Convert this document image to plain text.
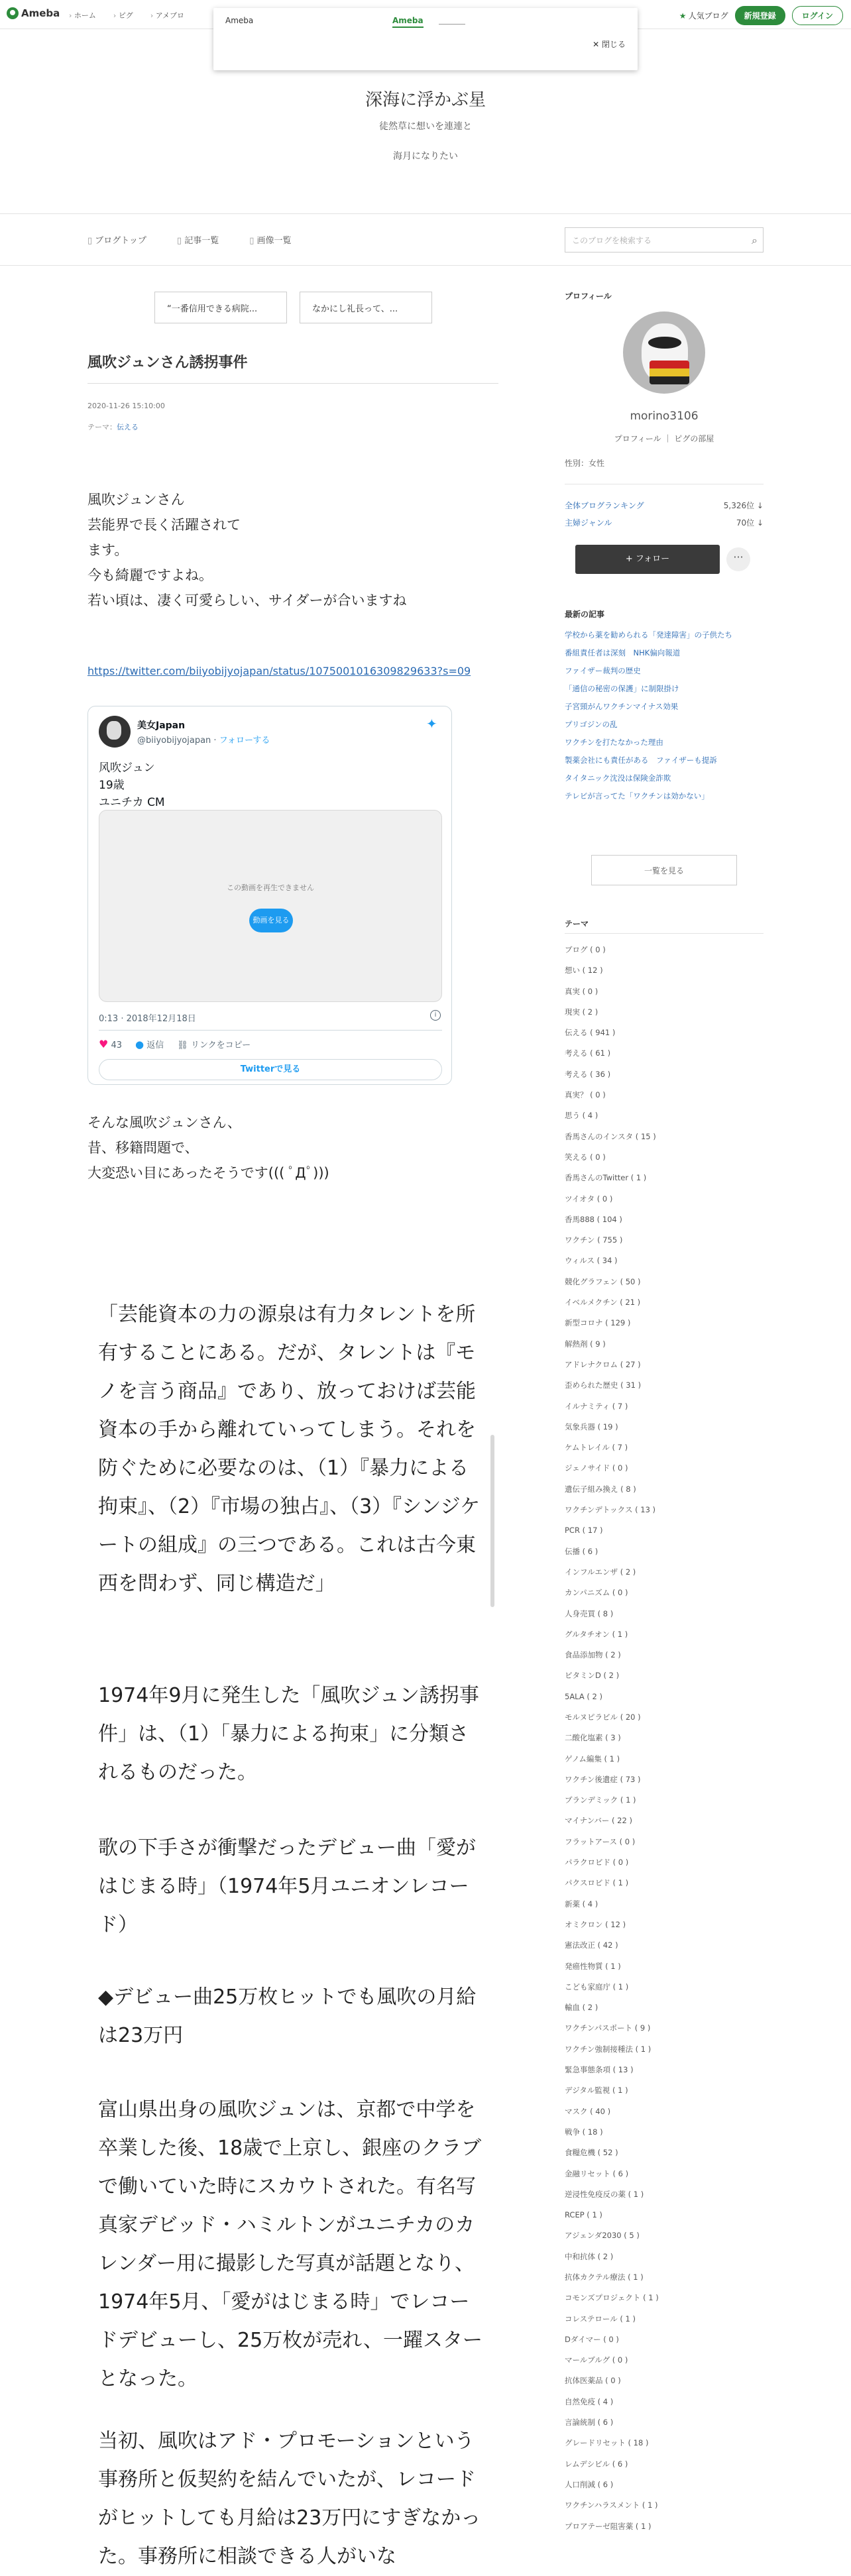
Ameba	› ホーム	› ピグ	› アメブロ	★ 人気ブログ	新規登録	ログイン
Ameba	Ameba
✕ 閉じる
深海に浮かぶ星
徒然草に想いを連連と
海月になりたい
▯ ブログトップ	▯ 記事一覧	▯ 画像一覧	このブログを検索する	⌕
“一番信用できる病院...	なかにし礼長って、...
風吹ジュンさん誘拐事件
2020-11-26 15:10:00
テーマ：伝える
風吹ジュンさん
芸能界で長く活躍されて
ます。
今も綺麗ですよね。
若い頃は、凄く可愛らしい、サイダーが合いますね
https://twitter.com/biiyobijyojapan/status/1075001016309829633?s=09
美女Japan
@biiyobijyojapan · フォローする
✦
风吹ジュン
19歳
ユニチカ CM
この動画を再生できません
動画を見る
0:13 · 2018年12月18日	i
♥ 43 ● 返信 ⛓ リンクをコピー
Twitterで見る
そんな風吹ジュンさん、
昔、移籍問題で、
大変恐い目にあったそうです((( ﾟДﾟ)))
「芸能資本の力の源泉は有力タレントを所有することにある。だが、タレントは『モノを言う商品』であり、放っておけば芸能資本の手から離れていってしまう。それを防ぐために必要なのは、（1）『暴力による拘束』、（2）『市場の独占』、（3）『シンジケートの組成』の三つである。これは古今東西を問わず、同じ構造だ」
1974年9月に発生した「風吹ジュン誘拐事件」は、（1）「暴力による拘束」に分類されるものだった。
歌の下手さが衝撃だったデビュー曲「愛がはじまる時」（1974年5月ユニオンレコード）
◆デビュー曲25万枚ヒットでも風吹の月給は23万円
富山県出身の風吹ジュンは、京都で中学を卒業した後、18歳で上京し、銀座のクラブで働いていた時にスカウトされた。有名写真家デビッド・ハミルトンがユニチカのカレンダー用に撮影した写真が話題となり、1974年5月、「愛がはじまる時」でレコードデビューし、25万枚が売れ、一躍スターとなった。
当初、風吹はアド・プロモーションという事務所と仮契約を結んでいたが、レコードがヒットしても月給は23万円にすぎなかった。事務所に相談できる人がいな
プロフィール
morino3106
プロフィール ｜ ピグの部屋
性別：女性
全体ブログランキング	5,326位 ↓
主婦ジャンル	70位 ↓
+ フォロー	···
最新の記事
学校から薬を勧められる「発達障害」の子供たち
番組責任者は深刻　NHK偏向報道
ファイザー裁判の歴史
「通信の秘密の保護」に制限掛け
子宮頸がんワクチンマイナス効果
プリゴジンの乱
ワクチンを打たなかった理由
製薬会社にも責任がある　ファイザーも提訴
タイタニック沈没は保険金詐欺
テレビが言ってた「ワクチンは効かない」
一覧を見る
テーマ
ブログ ( 0 )
想い ( 12 )
真実 ( 0 )
現実 ( 2 )
伝える ( 941 )
考える ( 61 )
考える ( 36 )
真実？ ( 0 )
思う ( 4 )
香馬さんのインスタ ( 15 )
笑える ( 0 )
香馬さんのTwitter ( 1 )
ツイオタ ( 0 )
香馬888 ( 104 )
ワクチン ( 755 )
ウィルス ( 34 )
競化グラフェン ( 50 )
イベルメクチン ( 21 )
新型コロナ ( 129 )
解熱剤 ( 9 )
アドレナクロム ( 27 )
歪められた歴史 ( 31 )
イルナミティ ( 7 )
気象兵器 ( 19 )
ケムトレイル ( 7 )
ジェノサイド ( 0 )
遺伝子組み換え ( 8 )
ワクチンデトックス ( 13 )
PCR ( 17 )
伝播 ( 6 )
インフルエンザ ( 2 )
カンパニズム ( 0 )
人身売買 ( 8 )
グルタチオン ( 1 )
食品添加物 ( 2 )
ビタミンD ( 2 )
5ALA ( 2 )
モルヌピラビル ( 20 )
二酸化塩素 ( 3 )
ゲノム編集 ( 1 )
ワクチン後遺症 ( 73 )
プランデミック ( 1 )
マイナンバー ( 22 )
フラットアース ( 0 )
パラクロビド ( 0 )
パクスロビド ( 1 )
新薬 ( 4 )
オミクロン ( 12 )
憲法改正 ( 42 )
発癌性物質 ( 1 )
こども家庭庁 ( 1 )
輸血 ( 2 )
ワクチンパスポート ( 9 )
ワクチン強制接種法 ( 1 )
緊急事態条項 ( 13 )
デジタル監視 ( 1 )
マスク ( 40 )
戦争 ( 18 )
食糧危機 ( 52 )
金融リセット ( 6 )
逆浸性免疫反の薬 ( 1 )
RCEP ( 1 )
アジェンダ2030 ( 5 )
中和抗体 ( 2 )
抗体カクテル療法 ( 1 )
コモンズプロジェクト ( 1 )
コレステロール ( 1 )
Dダイマー ( 0 )
マールブルグ ( 0 )
抗体医薬品 ( 0 )
自然免疫 ( 4 )
言論統制 ( 6 )
グレードリセット ( 18 )
レムデシビル ( 6 )
人口削減 ( 6 )
ワクチンハラスメント ( 1 )
プロアテーゼ阻害薬 ( 1 )
